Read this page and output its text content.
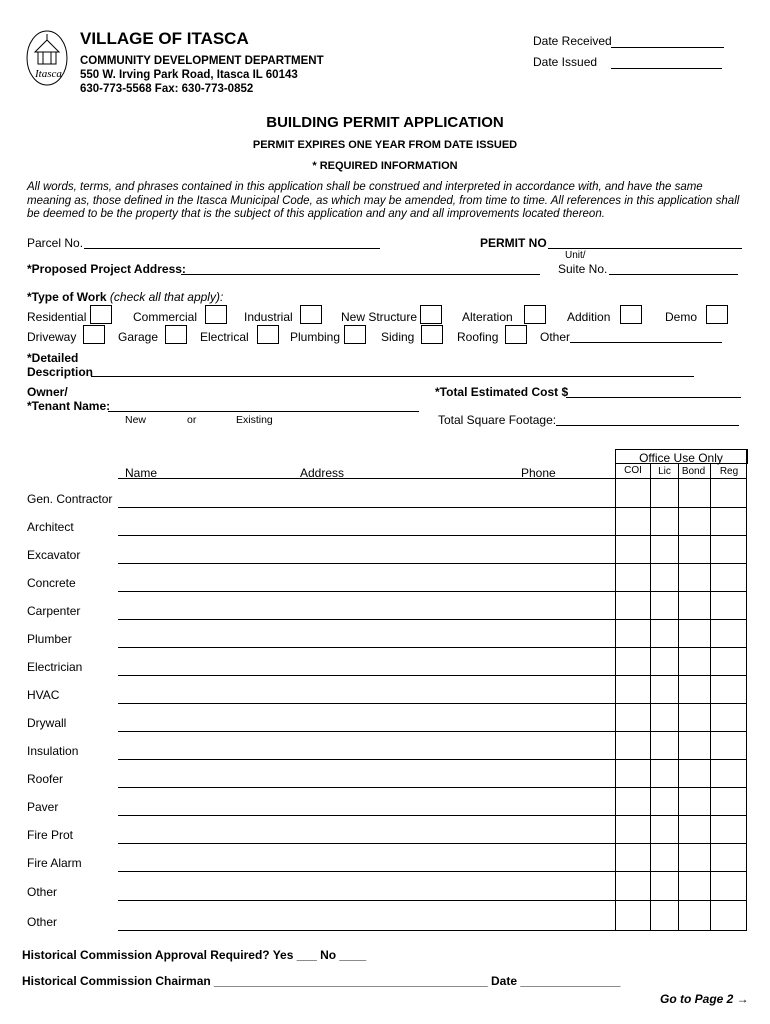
Itasca
VILLAGE OF ITASCA
COMMUNITY DEVELOPMENT DEPARTMENT
550 W. Irving Park Road, Itasca IL 60143
630-773-5568 Fax: 630-773-0852
Date Received
Date Issued
BUILDING PERMIT APPLICATION
PERMIT EXPIRES ONE YEAR FROM DATE ISSUED
* REQUIRED INFORMATION
All words, terms, and phrases contained in this application shall be construed and interpreted in accordance with, and have the same meaning as, those defined in the Itasca Municipal Code, as which may be amended, from time to time. All references in this application shall be deemed to be the property that is the subject of this application and any and all improvements located thereon.
Parcel No.	PERMIT NO
Unit/
*Proposed Project Address:	Suite No.
*Type of Work (check all that apply):
Residential	Commercial	Industrial	New Structure	Alteration	Addition	Demo
Driveway	Garage	Electrical	Plumbing	Siding	Roofing	Other
*Detailed
Description
Owner/
*Tenant Name:
*Total Estimated Cost $
New	or	Existing	Total Square Footage:
Office Use Only
COI	Lic	Bond	Reg
Name	Address	Phone
Gen. Contractor
Architect
Excavator
Concrete
Carpenter
Plumber
Electrician
HVAC
Drywall
Insulation
Roofer
Paver
Fire Prot
Fire Alarm
Other
Other
Historical Commission Approval Required? Yes ___ No ____
Historical Commission Chairman _________________________________________ Date _______________
Go to Page 2 →
